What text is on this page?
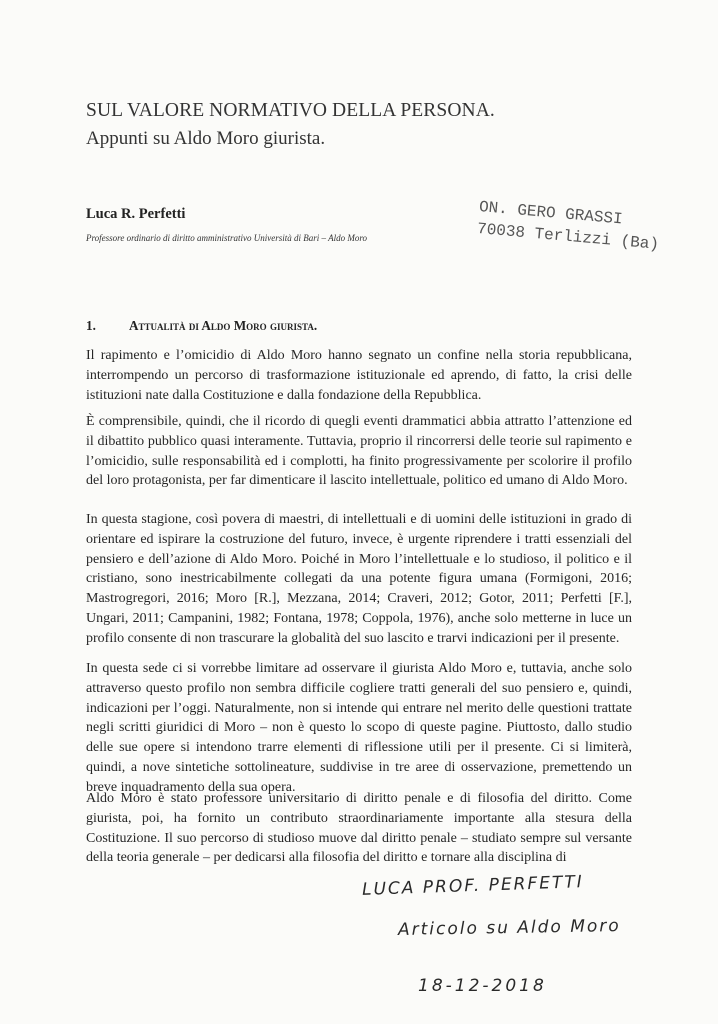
SUL VALORE NORMATIVO DELLA PERSONA.
Appunti su Aldo Moro giurista.
Luca R. Perfetti
Professore ordinario di diritto amministrativo Università di Bari – Aldo Moro
ON. GERO GRASSI
70038 Terlizzi (Ba)
1.	Attualità di Aldo Moro giurista.

Il rapimento e l’omicidio di Aldo Moro hanno segnato un confine nella storia repubblicana, interrompendo un percorso di trasformazione istituzionale ed aprendo, di fatto, la crisi delle istituzioni nate dalla Costituzione e dalla fondazione della Repubblica.

È comprensibile, quindi, che il ricordo di quegli eventi drammatici abbia attratto l’attenzione ed il dibattito pubblico quasi interamente. Tuttavia, proprio il rincorrersi delle teorie sul rapimento e l’omicidio, sulle responsabilità ed i complotti, ha finito progressivamente per scolorire il profilo del loro protagonista, per far dimenticare il lascito intellettuale, politico ed umano di Aldo Moro.

In questa stagione, così povera di maestri, di intellettuali e di uomini delle istituzioni in grado di orientare ed ispirare la costruzione del futuro, invece, è urgente riprendere i tratti essenziali del pensiero e dell’azione di Aldo Moro. Poiché in Moro l’intellettuale e lo studioso, il politico e il cristiano, sono inestricabilmente collegati da una potente figura umana (Formigoni, 2016; Mastrogregori, 2016; Moro [R.], Mezzana, 2014; Craveri, 2012; Gotor, 2011; Perfetti [F.], Ungari, 2011; Campanini, 1982; Fontana, 1978; Coppola, 1976), anche solo metterne in luce un profilo consente di non trascurare la globalità del suo lascito e trarvi indicazioni per il presente.

In questa sede ci si vorrebbe limitare ad osservare il giurista Aldo Moro e, tuttavia, anche solo attraverso questo profilo non sembra difficile cogliere tratti generali del suo pensiero e, quindi, indicazioni per l’oggi. Naturalmente, non si intende qui entrare nel merito delle questioni trattate negli scritti giuridici di Moro – non è questo lo scopo di queste pagine. Piuttosto, dallo studio delle sue opere si intendono trarre elementi di riflessione utili per il presente. Ci si limiterà, quindi, a nove sintetiche sottolineature, suddivise in tre aree di osservazione, premettendo un breve inquadramento della sua opera.

Aldo Moro è stato professore universitario di diritto penale e di filosofia del diritto. Come giurista, poi, ha fornito un contributo straordinariamente importante alla stesura della Costituzione. Il suo percorso di studioso muove dal diritto penale – studiato sempre sul versante della teoria generale – per dedicarsi alla filosofia del diritto e tornare alla disciplina di

LUCA PROF. PERFETTI
Articolo su Aldo Moro
18-12-2018
